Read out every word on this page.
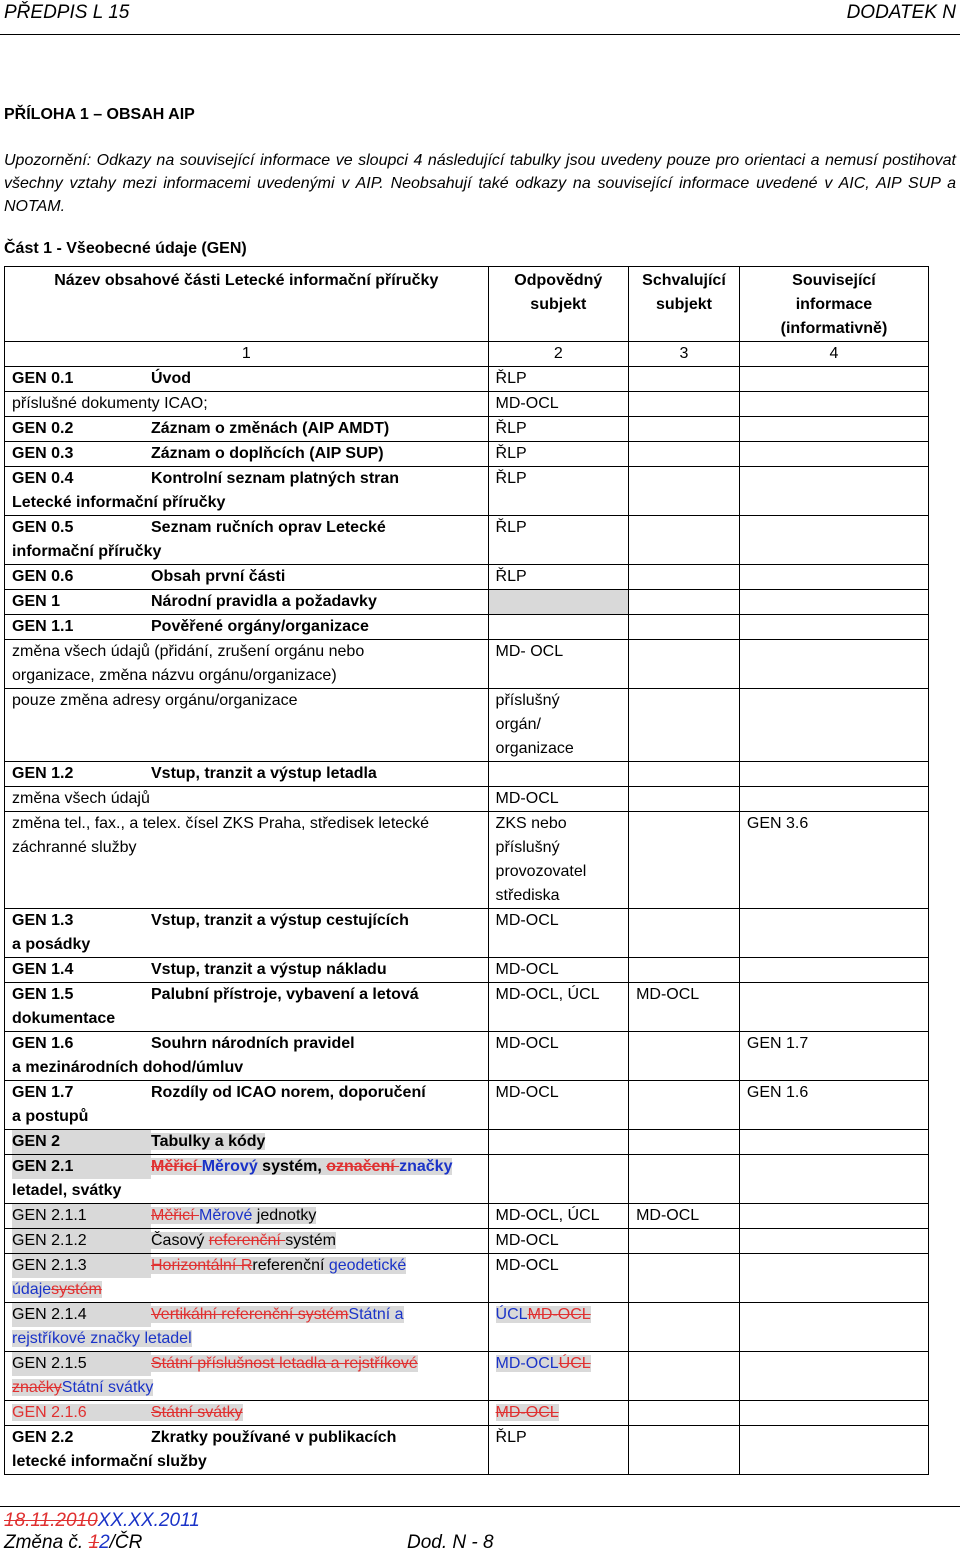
PŘEDPIS L 15	DODATEK N
PŘÍLOHA 1 – OBSAH AIP
Upozornění: Odkazy na související informace ve sloupci 4 následující tabulky jsou uvedeny pouze pro orientaci a nemusí postihovat všechny vztahy mezi informacemi uvedenými v AIP. Neobsahují také odkazy na související informace uvedené v AIC, AIP SUP a NOTAM.
Část 1 - Všeobecné údaje (GEN)
Název obsahové části Letecké informační příručky	Odpovědný
subjekt	Schvalující
subjekt	Související
informace
(informativně)
1	2	3	4
GEN 0.1 Úvod	ŘLP		
příslušné dokumenty ICAO;	MD-OCL		
GEN 0.2 Záznam o změnách (AIP AMDT)	ŘLP		
GEN 0.3 Záznam o doplňcích (AIP SUP)	ŘLP		
GEN 0.4 Kontrolní seznam platných stran
Letecké informační příručky	ŘLP		
GEN 0.5 Seznam ručních oprav Letecké
informační příručky	ŘLP		
GEN 0.6 Obsah první části	ŘLP		
GEN 1 Národní pravidla a požadavky			
GEN 1.1 Pověřené orgány/organizace			
změna všech údajů (přidání, zrušení orgánu nebo
organizace, změna názvu orgánu/organizace)	MD- OCL		
pouze změna adresy orgánu/organizace	příslušný
orgán/
organizace		
GEN 1.2 Vstup, tranzit a výstup letadla			
změna všech údajů	MD-OCL		
změna tel., fax., a telex. čísel ZKS Praha, středisek letecké
záchranné služby	ZKS nebo
příslušný
provozovatel
střediska		GEN 3.6
GEN 1.3 Vstup, tranzit a výstup cestujících
a posádky	MD-OCL		
GEN 1.4 Vstup, tranzit a výstup nákladu	MD-OCL		
GEN 1.5 Palubní přístroje, vybavení a letová
dokumentace	MD-OCL, ÚCL	MD-OCL	
GEN 1.6 Souhrn národních pravidel
a mezinárodních dohod/úmluv	MD-OCL		GEN 1.7
GEN 1.7 Rozdíly od ICAO norem, doporučení
a postupů	MD-OCL		GEN 1.6
GEN 2 Tabulky a kódy			
GEN 2.1 Měřicí Měrový systém, označení značky
letadel, svátky			
GEN 2.1.1 Měřicí Měrové jednotky	MD-OCL, ÚCL	MD-OCL	
GEN 2.1.2 Časový referenční systém	MD-OCL		
GEN 2.1.3 Horizontální Rreferenční geodetické
údajesystém	MD-OCL		
GEN 2.1.4 Vertikální referenční systémStátní a
rejstříkové značky letadel	ÚCLMD-OCL		
GEN 2.1.5 Státní příslušnost letadla a rejstříkové
značkyStátní svátky	MD-OCLÚCL		
GEN 2.1.6 Státní svátky	MD-OCL		
GEN 2.2 Zkratky používané v publikacích
letecké informační služby	ŘLP		
18.11.2010XX.XX.2011
Změna č. 12/ČR	Dod. N - 8
